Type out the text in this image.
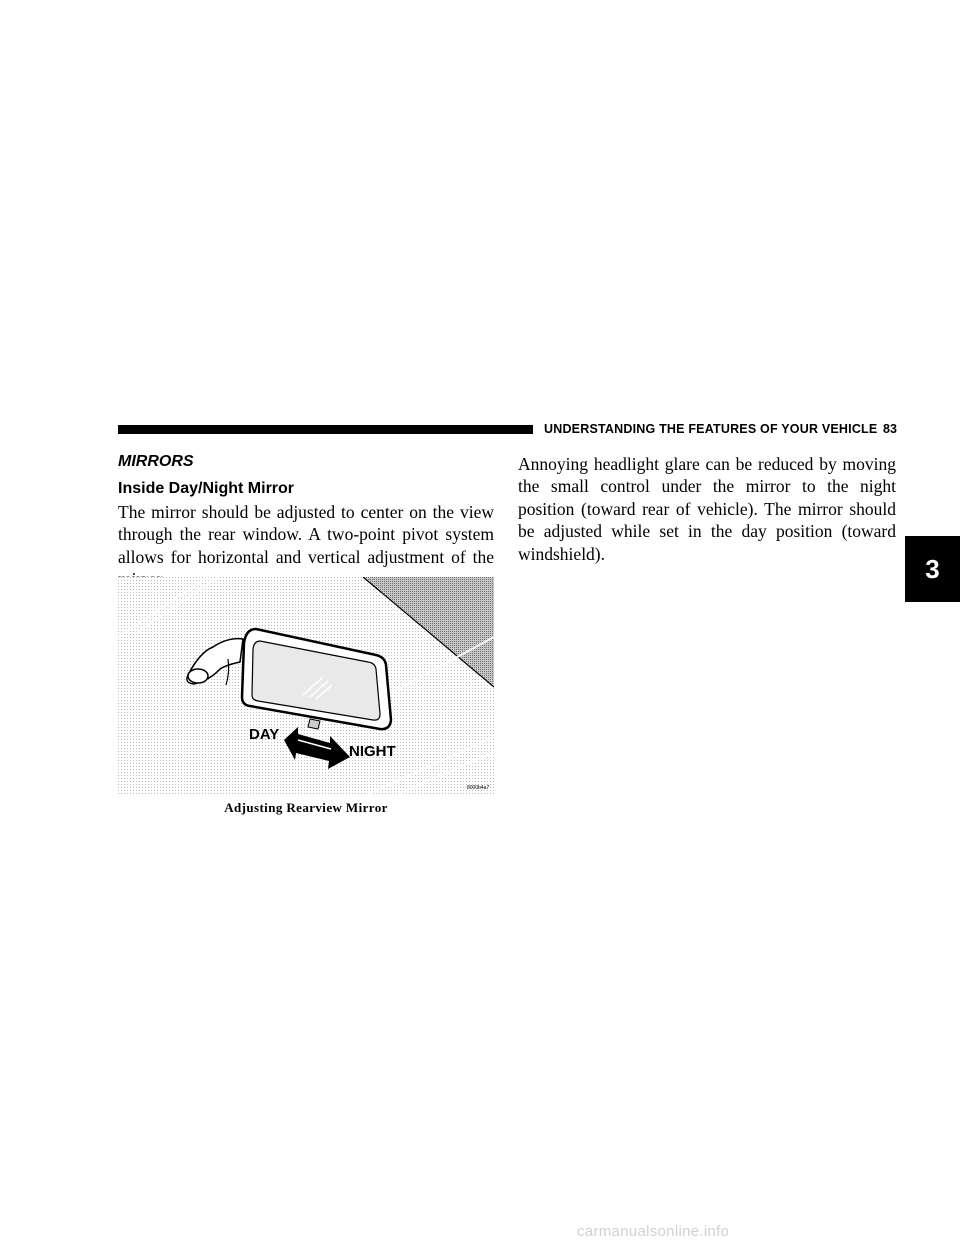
UNDERSTANDING THE FEATURES OF YOUR VEHICLE 83
MIRRORS
Inside Day/Night Mirror

The mirror should be adjusted to center on the view through the rear window. A two-point pivot system allows for horizontal and vertical adjustment of the

Annoying headlight glare can be reduced by moving the small control under the mirror to the night position (toward rear of vehicle). The mirror should be adjusted while set in the day position (toward windshield).

DAY
NIGHT
8000b4a7
Adjusting Rearview Mirror
3
carmanualsonline.info
